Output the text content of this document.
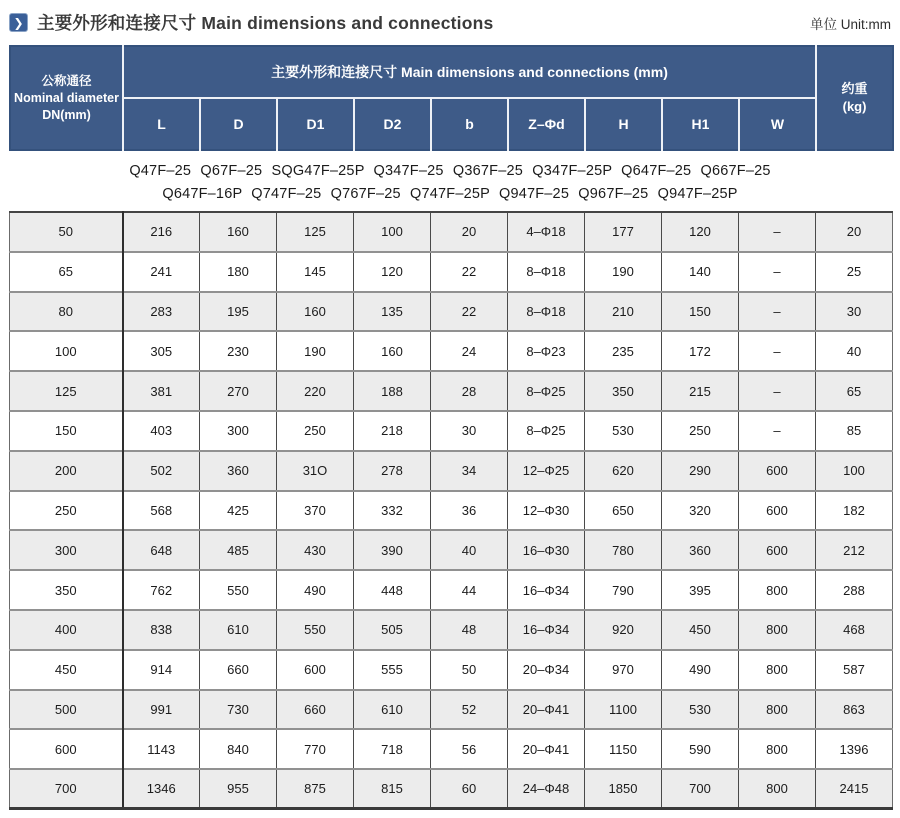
❯ 主要外形和连接尺寸 Main dimensions and connections	单位 Unit:mm
公称通径
Nominal diameter
DN(mm)
	主要外形和连接尺寸 Main dimensions and connections (mm)	
约重
(kg)

	L	D	D1	D2	b	Z–Φd	H	H1	W	
Q47F–25 Q67F–25 SQG47F–25P Q347F–25 Q367F–25 Q347F–25P Q647F–25 Q667F–25
Q647F–16P Q747F–25 Q767F–25 Q747F–25P Q947F–25 Q967F–25 Q947F–25P
50	216	160	125	100	20	4–Φ18	177	120	–	20
65	241	180	145	120	22	8–Φ18	190	140	–	25
80	283	195	160	135	22	8–Φ18	210	150	–	30
100	305	230	190	160	24	8–Φ23	235	172	–	40
125	381	270	220	188	28	8–Φ25	350	215	–	65
150	403	300	250	218	30	8–Φ25	530	250	–	85
200	502	360	31O	278	34	12–Φ25	620	290	600	100
250	568	425	370	332	36	12–Φ30	650	320	600	182
300	648	485	430	390	40	16–Φ30	780	360	600	212
350	762	550	490	448	44	16–Φ34	790	395	800	288
400	838	610	550	505	48	16–Φ34	920	450	800	468
450	914	660	600	555	50	20–Φ34	970	490	800	587
500	991	730	660	610	52	20–Φ41	1100	530	800	863
600	1143	840	770	718	56	20–Φ41	1150	590	800	1396
700	1346	955	875	815	60	24–Φ48	1850	700	800	2415
